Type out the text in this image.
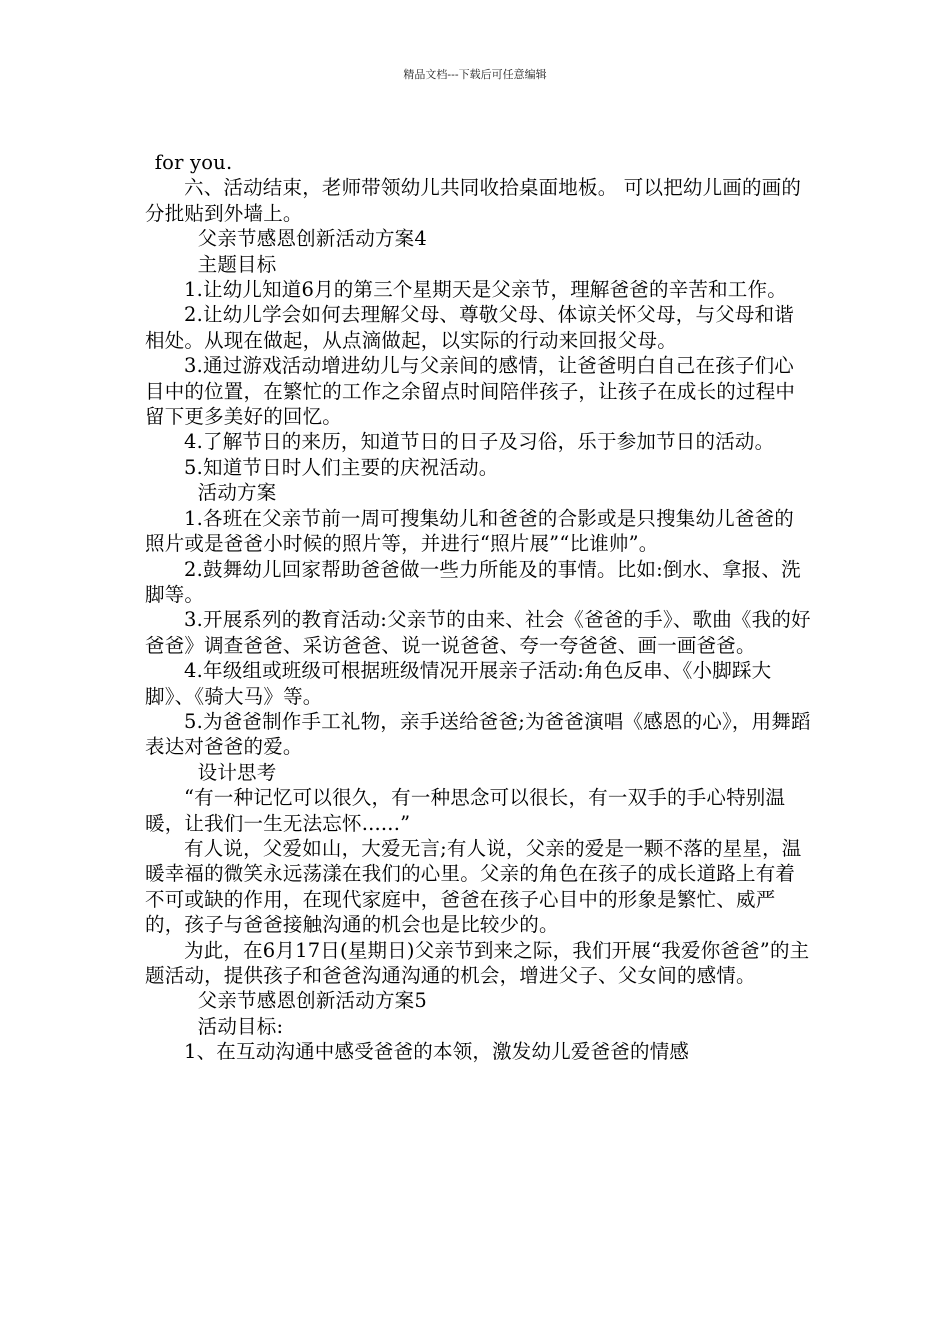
精品文档---下载后可任意编辑

for you.

六、活动结束，老师带领幼儿共同收拾桌面地板。 可以把幼儿画的画的分批贴到外墙上。

父亲节感恩创新活动方案4

主题目标

1.让幼儿知道6月的第三个星期天是父亲节，理解爸爸的辛苦和工作。

2.让幼儿学会如何去理解父母、尊敬父母、体谅关怀父母，与父母和谐相处。从现在做起，从点滴做起，以实际的行动来回报父母。

3.通过游戏活动增进幼儿与父亲间的感情，让爸爸明白自己在孩子们心目中的位置，在繁忙的工作之余留点时间陪伴孩子，让孩子在成长的过程中留下更多美好的回忆。

4.了解节日的来历，知道节日的日子及习俗，乐于参加节日的活动。

5.知道节日时人们主要的庆祝活动。

活动方案

1.各班在父亲节前一周可搜集幼儿和爸爸的合影或是只搜集幼儿爸爸的照片或是爸爸小时候的照片等，并进行“照片展”“比谁帅”。

2.鼓舞幼儿回家帮助爸爸做一些力所能及的事情。比如:倒水、拿报、洗脚等。

3.开展系列的教育活动:父亲节的由来、社会《爸爸的手》、歌曲《我的好爸爸》调查爸爸、采访爸爸、说一说爸爸、夸一夸爸爸、画一画爸爸。

4.年级组或班级可根据班级情况开展亲子活动:角色反串、《小脚踩大脚》、《骑大马》等。

5.为爸爸制作手工礼物，亲手送给爸爸;为爸爸演唱《感恩的心》，用舞蹈表达对爸爸的爱。

设计思考

“有一种记忆可以很久，有一种思念可以很长，有一双手的手心特别温暖，让我们一生无法忘怀......”

有人说，父爱如山，大爱无言;有人说，父亲的爱是一颗不落的星星，温暖幸福的微笑永远荡漾在我们的心里。父亲的角色在孩子的成长道路上有着不可或缺的作用，在现代家庭中，爸爸在孩子心目中的形象是繁忙、威严的，孩子与爸爸接触沟通的机会也是比较少的。

为此，在6月17日(星期日)父亲节到来之际，我们开展“我爱你爸爸”的主题活动，提供孩子和爸爸沟通沟通的机会，增进父子、父女间的感情。

父亲节感恩创新活动方案5

活动目标:

1、在互动沟通中感受爸爸的本领，激发幼儿爱爸爸的情感
